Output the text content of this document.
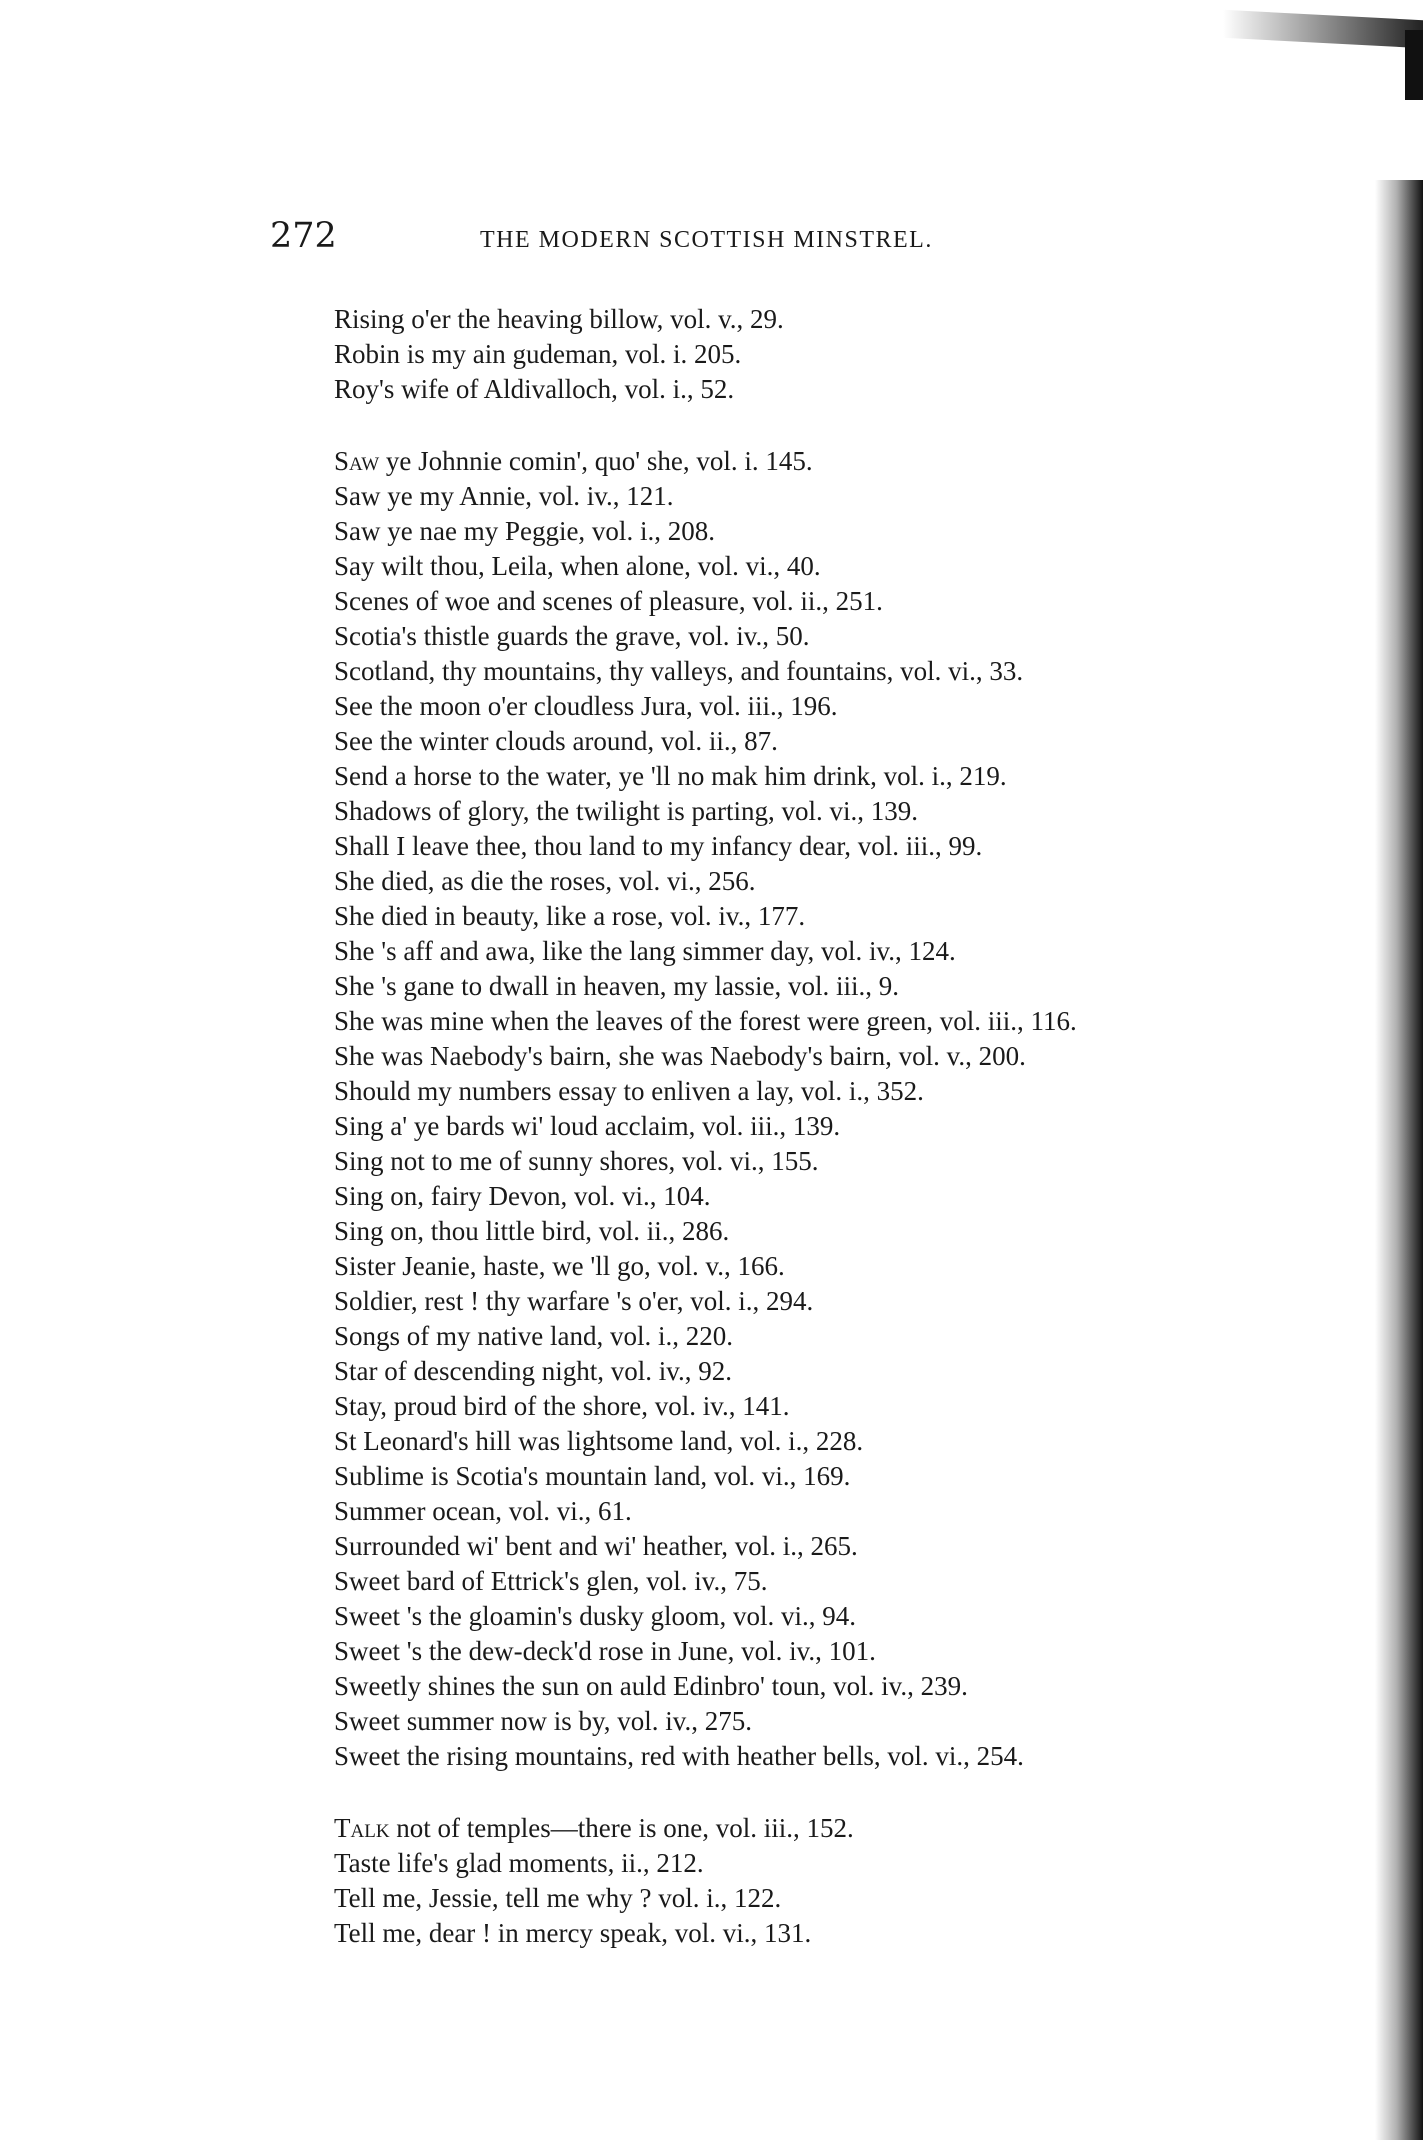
272	THE MODERN SCOTTISH MINSTREL.
Rising o'er the heaving billow, vol. v., 29.
Robin is my ain gudeman, vol. i. 205.
Roy's wife of Aldivalloch, vol. i., 52.
Saw ye Johnnie comin', quo' she, vol. i. 145.
Saw ye my Annie, vol. iv., 121.
Saw ye nae my Peggie, vol. i., 208.
Say wilt thou, Leila, when alone, vol. vi., 40.
Scenes of woe and scenes of pleasure, vol. ii., 251.
Scotia's thistle guards the grave, vol. iv., 50.
Scotland, thy mountains, thy valleys, and fountains, vol. vi., 33.
See the moon o'er cloudless Jura, vol. iii., 196.
See the winter clouds around, vol. ii., 87.
Send a horse to the water, ye 'll no mak him drink, vol. i., 219.
Shadows of glory, the twilight is parting, vol. vi., 139.
Shall I leave thee, thou land to my infancy dear, vol. iii., 99.
She died, as die the roses, vol. vi., 256.
She died in beauty, like a rose, vol. iv., 177.
She 's aff and awa, like the lang simmer day, vol. iv., 124.
She 's gane to dwall in heaven, my lassie, vol. iii., 9.
She was mine when the leaves of the forest were green, vol. iii., 116.
She was Naebody's bairn, she was Naebody's bairn, vol. v., 200.
Should my numbers essay to enliven a lay, vol. i., 352.
Sing a' ye bards wi' loud acclaim, vol. iii., 139.
Sing not to me of sunny shores, vol. vi., 155.
Sing on, fairy Devon, vol. vi., 104.
Sing on, thou little bird, vol. ii., 286.
Sister Jeanie, haste, we 'll go, vol. v., 166.
Soldier, rest ! thy warfare 's o'er, vol. i., 294.
Songs of my native land, vol. i., 220.
Star of descending night, vol. iv., 92.
Stay, proud bird of the shore, vol. iv., 141.
St Leonard's hill was lightsome land, vol. i., 228.
Sublime is Scotia's mountain land, vol. vi., 169.
Summer ocean, vol. vi., 61.
Surrounded wi' bent and wi' heather, vol. i., 265.
Sweet bard of Ettrick's glen, vol. iv., 75.
Sweet 's the gloamin's dusky gloom, vol. vi., 94.
Sweet 's the dew-deck'd rose in June, vol. iv., 101.
Sweetly shines the sun on auld Edinbro' toun, vol. iv., 239.
Sweet summer now is by, vol. iv., 275.
Sweet the rising mountains, red with heather bells, vol. vi., 254.
Talk not of temples—there is one, vol. iii., 152.
Taste life's glad moments, ii., 212.
Tell me, Jessie, tell me why ? vol. i., 122.
Tell me, dear ! in mercy speak, vol. vi., 131.
